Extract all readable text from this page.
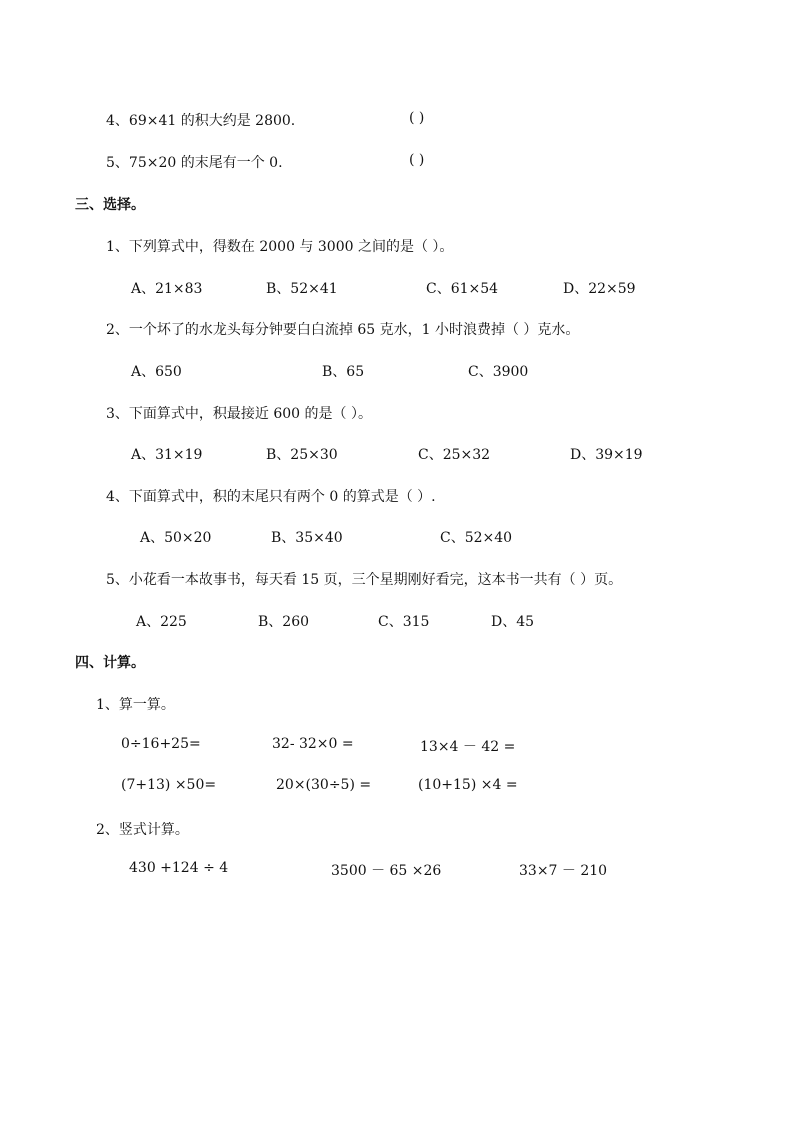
4、69×41 的积大约是 2800.	( )
5、75×20 的末尾有一个 0.	( )
三、选择。
1、下列算式中，得数在 2000 与 3000 之间的是（ ）。
A、21×83	B、52×41	C、61×54	D、22×59
2、一个坏了的水龙头每分钟要白白流掉 65 克水，1 小时浪费掉（ ）克水。
A、650	B、65	C、3900
3、下面算式中，积最接近 600 的是（ ）。
A、31×19	B、25×30	C、25×32	D、39×19
4、下面算式中，积的末尾只有两个 0 的算式是（ ）.
A、50×20	B、35×40	C、52×40
5、小花看一本故事书，每天看 15 页，三个星期刚好看完，这本书一共有（ ）页。
A、225	B、260	C、315	D、45
四、计算。
1、算一算。
0÷16+25=	32- 32×0 =	13×4 － 42 =
(7+13) ×50=	20×(30÷5) =	(10+15) ×4 =
2、竖式计算。
430 +124 ÷ 4	3500 － 65 ×26	33×7 － 210
